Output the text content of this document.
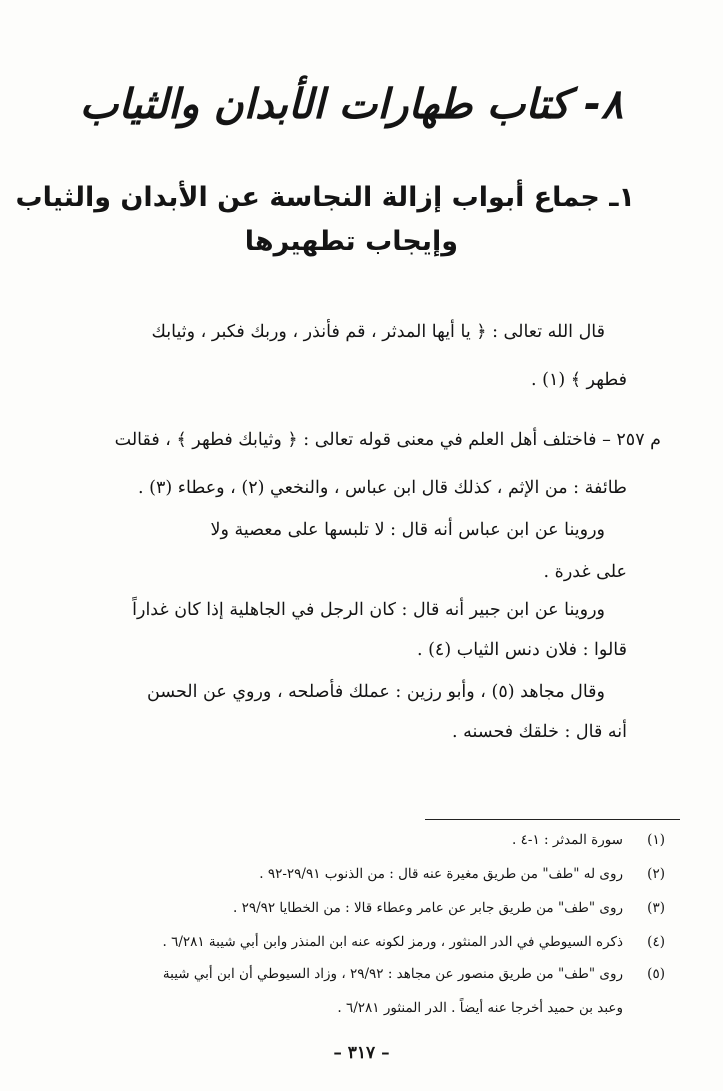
٨- كتاب طهارات الأبدان والثياب
١ـ جماع أبواب إزالة النجاسة عن الأبدان والثياب
وإيجاب تطهيرها
قال الله تعالى : ﴿ يا أيها المدثر ، قم فأنذر ، وربك فكبر ، وثيابك
فطهر ﴾ (١) .
م ٢٥٧ – فاختلف أهل العلم في معنى قوله تعالى : ﴿ وثيابك فطهر ﴾ ، فقالت
طائفة : من الإثم ، كذلك قال ابن عباس ، والنخعي (٢) ، وعطاء (٣) .
وروينا عن ابن عباس أنه قال : لا تلبسها على معصية ولا
على غدرة .
وروينا عن ابن جبير أنه قال : كان الرجل في الجاهلية إذا كان غداراً
قالوا : فلان دنس الثياب (٤) .
وقال مجاهد (٥) ، وأبو رزين : عملك فأصلحه ، وروي عن الحسن
أنه قال : خلقك فحسنه .
(١)
سورة المدثر : ١-٤ .
(٢)
روى له "طف" من طريق مغيرة عنه قال : من الذنوب ٢٩/٩١-٩٢ .
(٣)
روى "طف" من طريق جابر عن عامر وعطاء قالا : من الخطايا ٢٩/٩٢ .
(٤)
ذكره السيوطي في الدر المنثور ، ورمز لكونه عنه ابن المنذر وابن أبي شيبة ٦/٢٨١ .
(٥)
روى "طف" من طريق منصور عن مجاهد : ٢٩/٩٢ ، وزاد السيوطي أن ابن أبي شيبة
وعبد بن حميد أخرجا عنه أيضاً . الدر المنثور ٦/٢٨١ .
– ٣١٧ –
